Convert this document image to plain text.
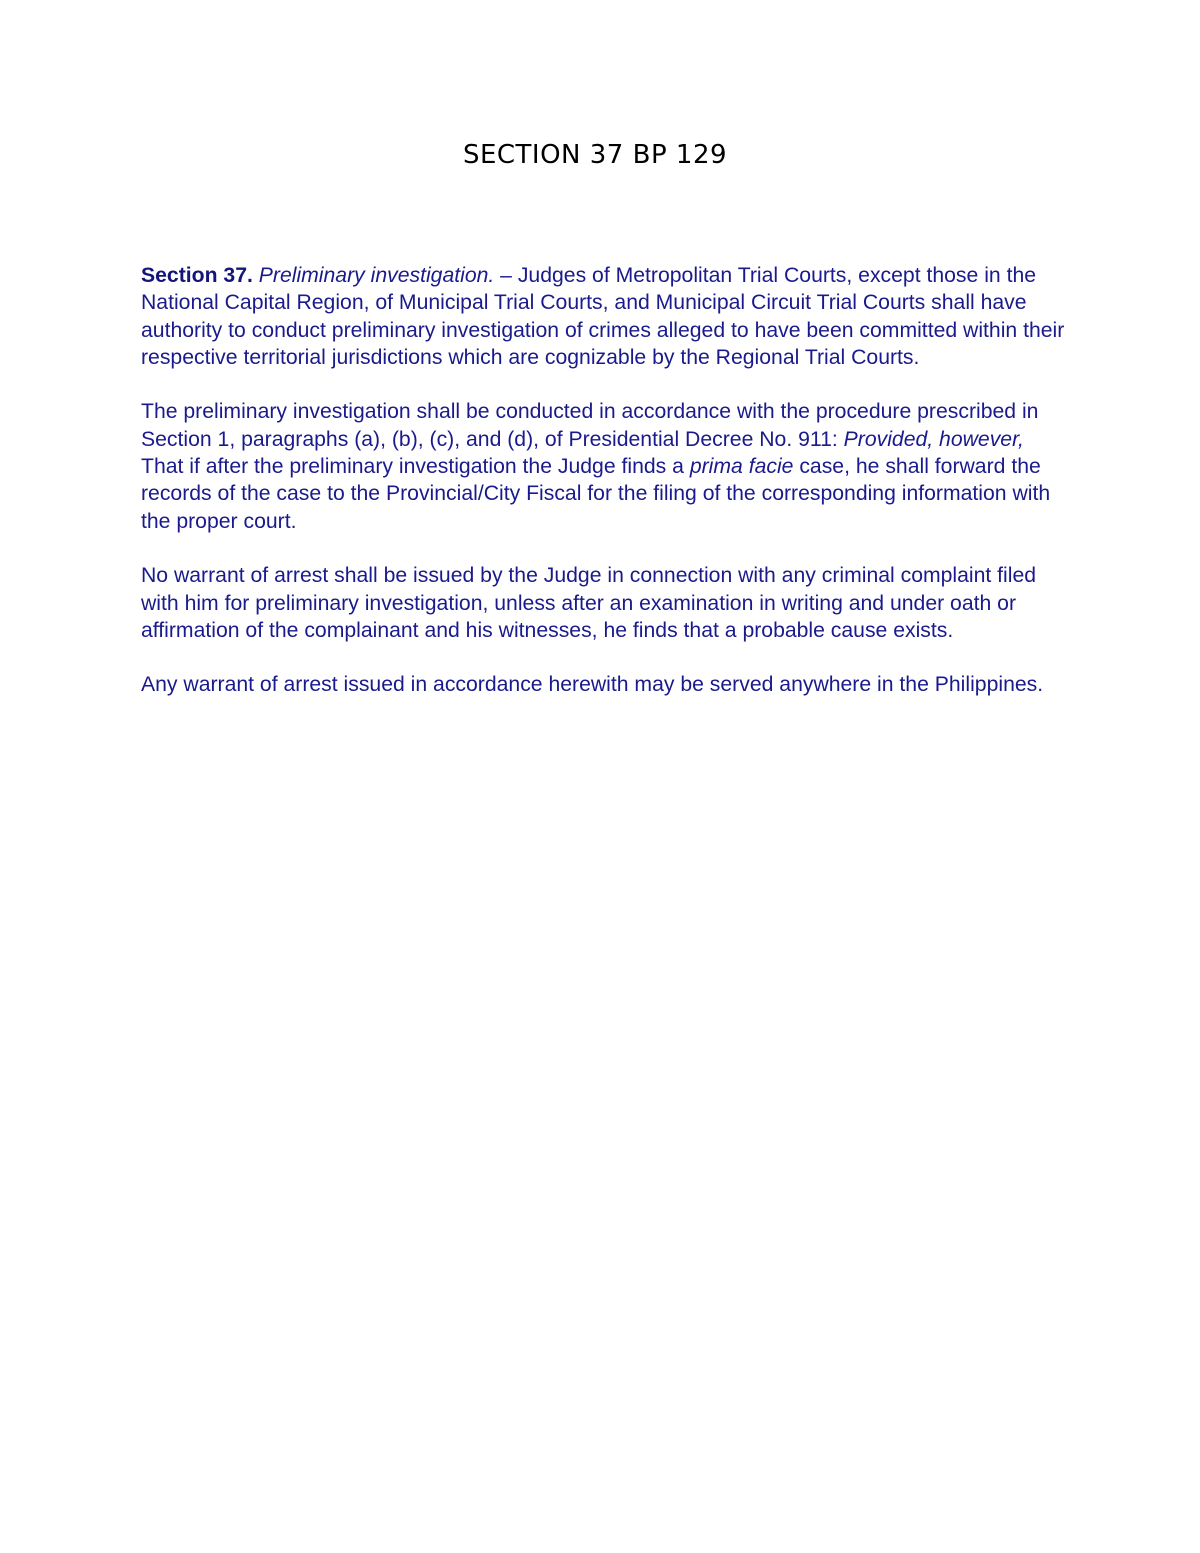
SECTION 37 BP 129

Section 37. Preliminary investigation. – Judges of Metropolitan Trial Courts, except those in the National Capital Region, of Municipal Trial Courts, and Municipal Circuit Trial Courts shall have authority to conduct preliminary investigation of crimes alleged to have been committed within their respective territorial jurisdictions which are cognizable by the Regional Trial Courts.

The preliminary investigation shall be conducted in accordance with the procedure prescribed in Section 1, paragraphs (a), (b), (c), and (d), of Presidential Decree No. 911: Provided, however, That if after the preliminary investigation the Judge finds a prima facie case, he shall forward the records of the case to the Provincial/City Fiscal for the filing of the corresponding information with the proper court.

No warrant of arrest shall be issued by the Judge in connection with any criminal complaint filed with him for preliminary investigation, unless after an examination in writing and under oath or affirmation of the complainant and his witnesses, he finds that a probable cause exists.

Any warrant of arrest issued in accordance herewith may be served anywhere in the Philippines.
